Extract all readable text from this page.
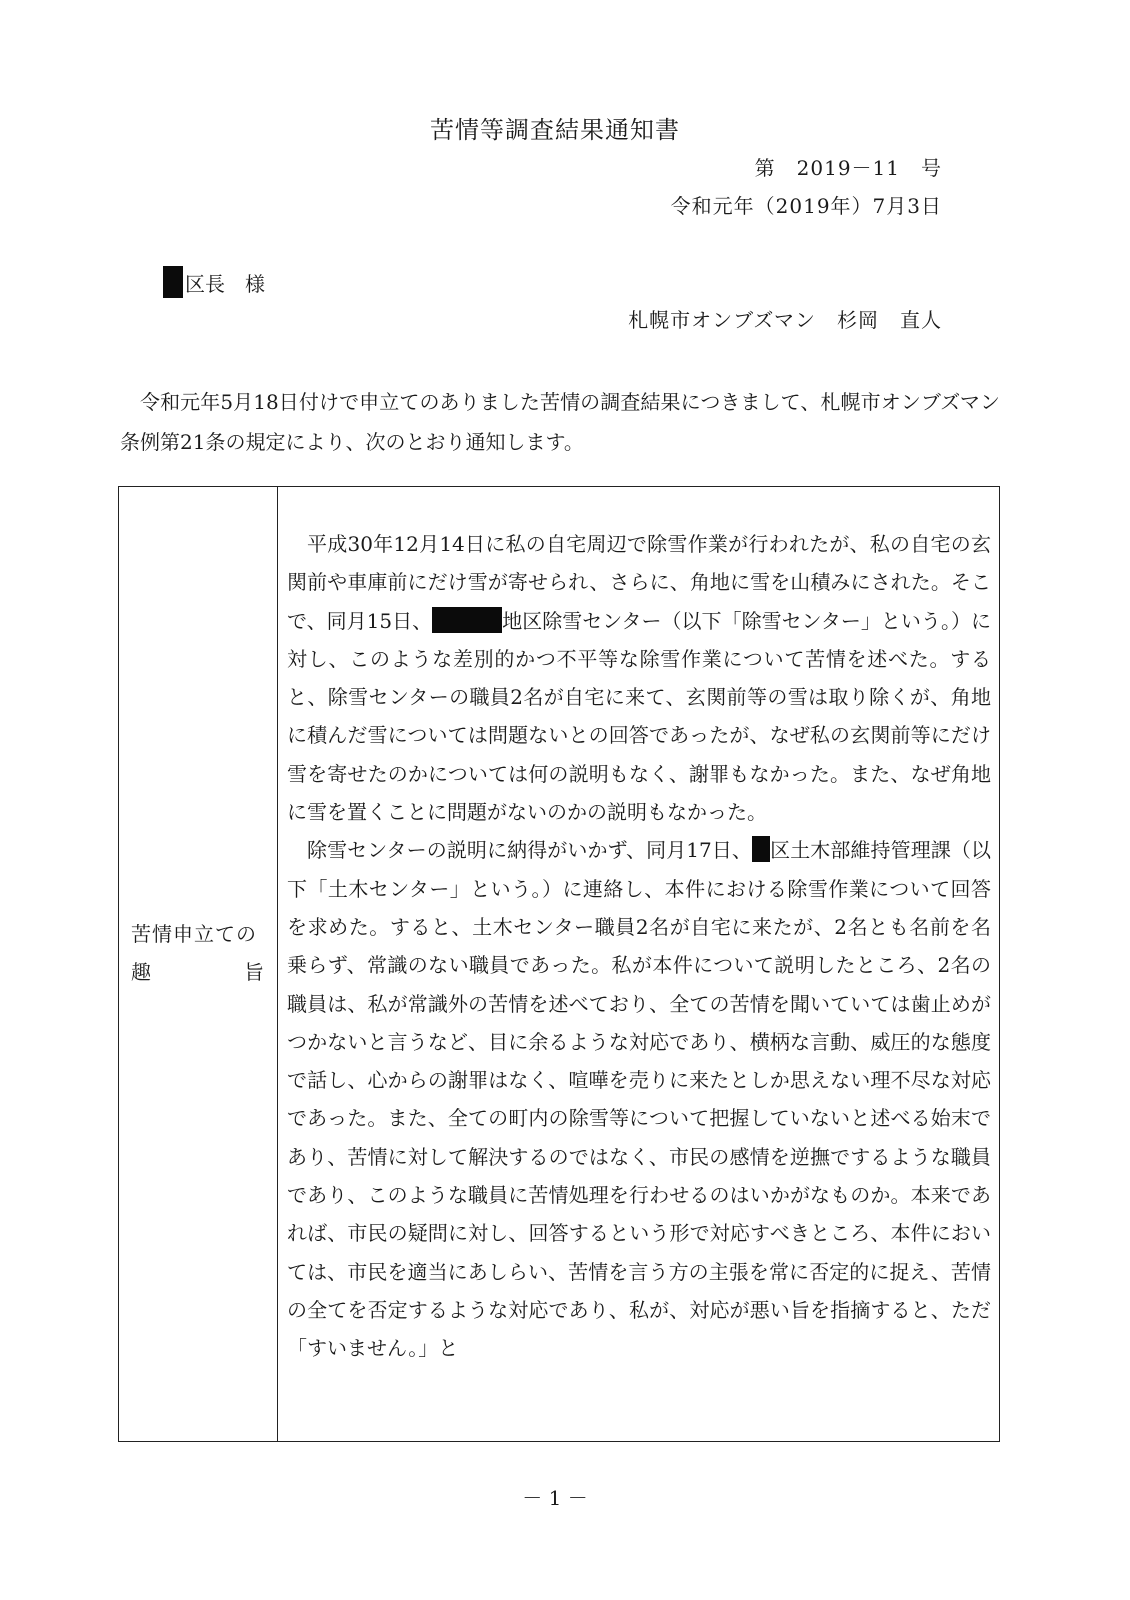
苦情等調査結果通知書
第　2019－11　号
令和元年（2019年）7月3日
区長　様
札幌市オンブズマン　杉岡　直人
令和元年5月18日付けで申立てのありました苦情の調査結果につきまして、札幌市オンブズマン条例第21条の規定により、次のとおり通知します。
苦情申立ての
趣	旨

平成30年12月14日に私の自宅周辺で除雪作業が行われたが、私の自宅の玄関前や車庫前にだけ雪が寄せられ、さらに、角地に雪を山積みにされた。そこで、同月15日、	地区除雪センター（以下「除雪センター」という。）に対し、このような差別的かつ不平等な除雪作業について苦情を述べた。すると、除雪センターの職員2名が自宅に来て、玄関前等の雪は取り除くが、角地に積んだ雪については問題ないとの回答であったが、なぜ私の玄関前等にだけ雪を寄せたのかについては何の説明もなく、謝罪もなかった。また、なぜ角地に雪を置くことに問題がないのかの説明もなかった。

除雪センターの説明に納得がいかず、同月17日、 区土木部維持管理課（以下「土木センター」という。）に連絡し、本件における除雪作業について回答を求めた。すると、土木センター職員2名が自宅に来たが、2名とも名前を名乗らず、常識のない職員であった。私が本件について説明したところ、2名の職員は、私が常識外の苦情を述べており、全ての苦情を聞いていては歯止めがつかないと言うなど、目に余るような対応であり、横柄な言動、威圧的な態度で話し、心からの謝罪はなく、喧嘩を売りに来たとしか思えない理不尽な対応であった。また、全ての町内の除雪等について把握していないと述べる始末であり、苦情に対して解決するのではなく、市民の感情を逆撫でするような職員であり、このような職員に苦情処理を行わせるのはいかがなものか。本来であれば、市民の疑問に対し、回答するという形で対応すべきところ、本件においては、市民を適当にあしらい、苦情を言う方の主張を常に否定的に捉え、苦情の全てを否定するような対応であり、私が、対応が悪い旨を指摘すると、ただ「すいません。」と

－ 1 －
